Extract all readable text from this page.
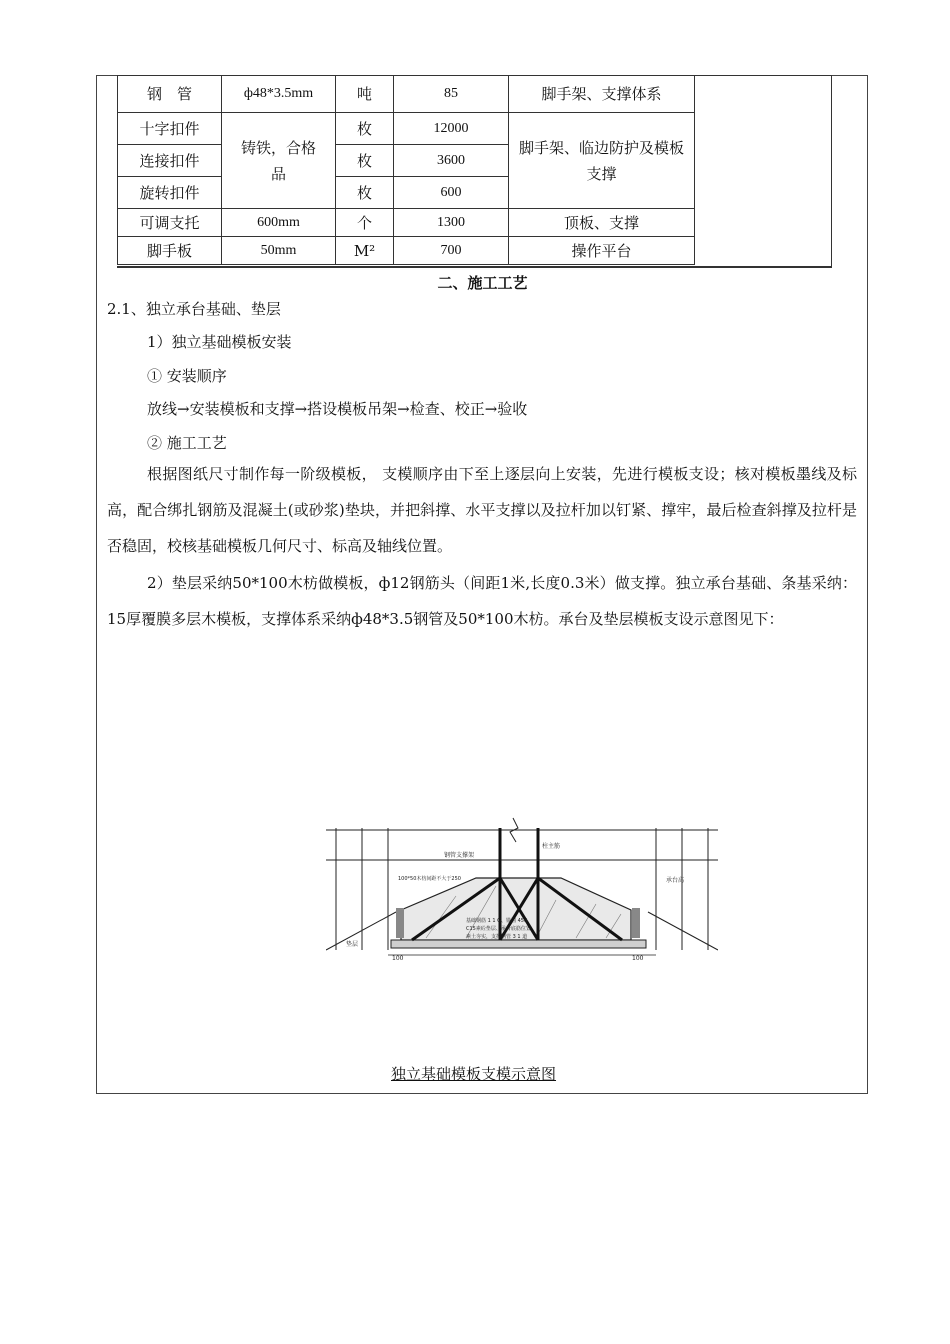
钢　管	ф48*3.5mm	吨	85	脚手架、支撑体系
十字扣件	铸铁，合格品	枚	12000	脚手架、临边防护及模板支撑
连接扣件		枚	3600	
旋转扣件		枚	600	
可调支托	600mm	个	1300	顶板、支撑
脚手板	50mm	M²	700	操作平台
二、施工工艺
2.1、独立承台基础、垫层
1）独立基础模板安装
① 安装顺序
放线→安装模板和支撑→搭设模板吊架→检查、校正→验收
② 施工工艺
根据图纸尺寸制作每一阶级模板， 支模顺序由下至上逐层向上安装，先进行模板支设；核对模板墨线及标高，配合绑扎钢筋及混凝土(或砂浆)垫块，并把斜撑、水平支撑以及拉杆加以钉紧、撑牢，最后检查斜撑及拉杆是否稳固，校核基础模板几何尺寸、标高及轴线位置。
2）垫层采纳50*100木枋做模板，ф12钢筋头（间距1米,长度0.3米）做支撑。独立承台基础、条基采纳：15厚覆膜多层木模板，支撑体系采纳ф48*3.5钢管及50*100木枋。承台及垫层模板支设示意图见下：
钢管支撑架
柱主筋
100*50木枋间距不大于250	承台高
基础钢筋 1 1 G、锚固 45d
C15素砼垫层、承台底筋位置
素土夯实，支撑钢管 3 1 道
垫层
100	100
独立基础模板支模示意图
